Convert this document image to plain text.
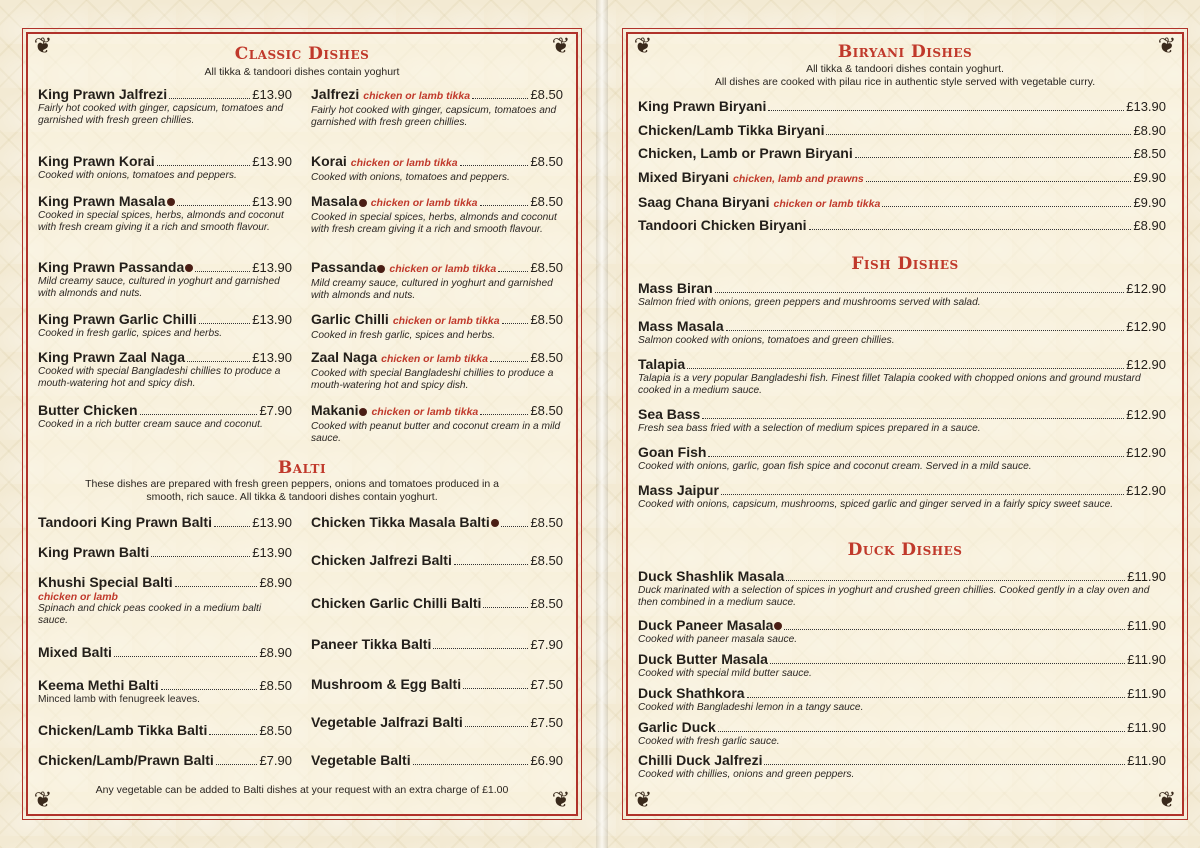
❦	❦
❦	❦
Classic Dishes
All tikka & tandoori dishes contain yoghurt
King Prawn Jalfrezi	£13.90
Fairly hot cooked with ginger, capsicum, tomatoes and garnished with fresh green chillies.
King Prawn Korai	£13.90
Cooked with onions, tomatoes and peppers.
King Prawn Masala	£13.90
Cooked in special spices, herbs, almonds and coconut with fresh cream giving it a rich and smooth flavour.
King Prawn Passanda	£13.90
Mild creamy sauce, cultured in yoghurt and garnished with almonds and nuts.
King Prawn Garlic Chilli	£13.90
Cooked in fresh garlic, spices and herbs.
King Prawn Zaal Naga	£13.90
Cooked with special Bangladeshi chillies to produce a mouth-watering hot and spicy dish.
Butter Chicken	£7.90
Cooked in a rich butter cream sauce and coconut.
Jalfrezi chicken or lamb tikka	£8.50
Fairly hot cooked with ginger, capsicum, tomatoes and garnished with fresh green chillies.
Korai chicken or lamb tikka	£8.50
Cooked with onions, tomatoes and peppers.
Masala chicken or lamb tikka	£8.50
Cooked in special spices, herbs, almonds and coconut with fresh cream giving it a rich and smooth flavour.
Passanda chicken or lamb tikka	£8.50
Mild creamy sauce, cultured in yoghurt and garnished with almonds and nuts.
Garlic Chilli chicken or lamb tikka £8.50
Cooked in fresh garlic, spices and herbs.
Zaal Naga chicken or lamb tikka	£8.50
Cooked with special Bangladeshi chillies to produce a mouth-watering hot and spicy dish.
Makani chicken or lamb tikka	£8.50
Cooked with peanut butter and coconut cream in a mild sauce.
Balti
These dishes are prepared with fresh green peppers, onions and tomatoes produced in a
smooth, rich sauce. All tikka & tandoori dishes contain yoghurt.
Tandoori King Prawn Balti	£13.90
King Prawn Balti	£13.90
Khushi Special Balti	£8.90
chicken or lamb
Spinach and chick peas cooked in a medium balti sauce.
Mixed Balti	£8.90
Keema Methi Balti	£8.50
Minced lamb with fenugreek leaves.
Chicken/Lamb Tikka Balti	£8.50
Chicken/Lamb/Prawn Balti	£7.90
Chicken Tikka Masala Balti	£8.50
Chicken Jalfrezi Balti	£8.50
Chicken Garlic Chilli Balti	£8.50
Paneer Tikka Balti	£7.90
Mushroom & Egg Balti	£7.50
Vegetable Jalfrazi Balti	£7.50
Vegetable Balti	£6.90
Any vegetable can be added to Balti dishes at your request with an extra charge of £1.00
❦	❦
❦	❦
Biryani Dishes
All tikka & tandoori dishes contain yoghurt.
All dishes are cooked with pilau rice in authentic style served with vegetable curry.
King Prawn Biryani	£13.90
Chicken/Lamb Tikka Biryani	£8.90
Chicken, Lamb or Prawn Biryani	£8.50
Mixed Biryani chicken, lamb and prawns	£9.90
Saag Chana Biryani chicken or lamb tikka	£9.90
Tandoori Chicken Biryani	£8.90
Fish Dishes
Mass Biran	£12.90
Salmon fried with onions, green peppers and mushrooms served with salad.
Mass Masala	£12.90
Salmon cooked with onions, tomatoes and green chillies.
Talapia	£12.90
Talapia is a very popular Bangladeshi fish. Finest fillet Talapia cooked with chopped onions and ground mustard cooked in a medium sauce.
Sea Bass	£12.90
Fresh sea bass fried with a selection of medium spices prepared in a sauce.
Goan Fish	£12.90
Cooked with onions, garlic, goan fish spice and coconut cream. Served in a mild sauce.
Mass Jaipur	£12.90
Cooked with onions, capsicum, mushrooms, spiced garlic and ginger served in a fairly spicy sweet sauce.
Duck Dishes
Duck Shashlik Masala	£11.90
Duck marinated with a selection of spices in yoghurt and crushed green chillies. Cooked gently in a clay oven and then combined in a medium sauce.
Duck Paneer Masala	£11.90
Cooked with paneer masala sauce.
Duck Butter Masala	£11.90
Cooked with special mild butter sauce.
Duck Shathkora	£11.90
Cooked with Bangladeshi lemon in a tangy sauce.
Garlic Duck	£11.90
Cooked with fresh garlic sauce.
Chilli Duck Jalfrezi	£11.90
Cooked with chillies, onions and green peppers.
